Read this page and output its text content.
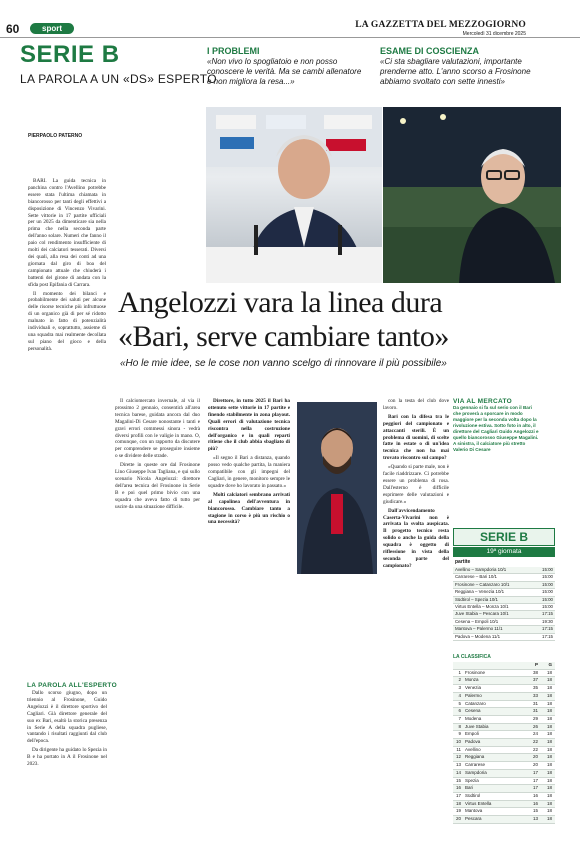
60	sport	LA GAZZETTA DEL MEZZOGIORNO
Mercoledì 31 dicembre 2025
SERIE B
LA PAROLA A UN «DS» ESPERTO
I PROBLEMI
«Non vivo lo spogliatoio e non posso conoscere le verità. Ma se cambi allenatore e non migliora la resa...»
ESAME DI COSCIENZA
«Ci sta sbagliare valutazioni, importante prenderne atto. L'anno scorso a Frosinone abbiamo svoltato con sette innesti»
PIERPAOLO PATERNO
Angelozzi vara la linea dura
«Bari, serve cambiare tanto»
«Ho le mie idee, se le cose non vanno scelgo di rinnovare il più possibile»

BARI. La guida tecnica in panchina contro l'Avellino potrebbe essere stata l'ultima chiamata in biancorosso per tanti degli effettivi a disposizione di Vincenzo Vivarini. Sette vittorie in 17 partite ufficiali per un 2025 da dimenticare sia nella prima che nella seconda parte dell'anno solare. Numeri che fanno il paio col rendimento insufficiente di molti dei calciatori tesserati. Diversi dei quali, alla resa dei conti ad una giornata dal giro di boa del campionato attuale che chiuderà i battenti del girone di andata con la sfida post Epifania di Carrara.

Il momento dei bilanci e probabilmente dei saluti per alcune delle risorse tecniche più infruttuose di un organico già di per sé ridotto malnato in fatto di potenzialità individuali e, soprattutto, assieme di una squadra mai realmente decollata sul piano del gioco e della personalità.

Il calciomercato invernale, al via il prossimo 2 gennaio, consentirà all'area tecnica barese, guidata ancora dal duo Magalini-Di Cesare nonostante i tanti e gravi errori commessi sinora - vedrà diversi profili con le valigie in mano. O, comunque, con un rapporto da discutere per comprendere se proseguire insieme o se dividere delle strade.

Dirette in queste ore dal Frosinone Lino Giuseppe Ivan Tagliana, e qui sullo scenario Nicola Angelozzi: direttore dell'area tecnica del Frosinone in Serie B e poi quel primo bivio con una squadra che aveva fatto di tutto per uscire da una situazione difficile.

Direttore, in tutto 2025 il Bari ha ottenuto sette vittorie in 17 partite e finendo stabilmente in zona playout. Quali errori di valutazione tecnica riscontra nella costruzione dell'organico e in quali reparti ritiene che il club abbia sbagliato di più?

«Il segno il Bari a distanza, quando posso vedo qualche partita, la maniera compatibile con gli impegni del Cagliari, in genere, monitoro sempre le squadre dove ho lavorato in passato.»

Molti calciatori sembrano arrivati al capolinea dell'avventura in biancorosso. Cambiare tanto a stagione in corso è più un rischio o una necessità?

con la testa del club dove lavoro.

Bari con la difesa tra le peggiori del campionato e attaccanti sterili. È un problema di uomini, di scelte fatte in estate o di un'idea tecnica che non ha mai trovato riscontro sul campo?

«Quando si parte male, non è facile riaddrizzare. Ci potrebbe essere un problema di rosa. Dall'esterno è difficile esprimere delle valutazioni e giudicare.»

Dall'avvicendamento Caserta-Vivarini non è arrivata la svolta auspicata. Il progetto tecnico resta solido o anche la guida della squadra è oggetto di riflessione in vista della seconda parte del campionato?

LA PAROLA ALL'ESPERTO

Dallo scorso giugno, dopo un triennio al Frosinone, Guido Angelozzi è il direttore sportivo del Cagliari. Già direttore generale del suo ex Bari, esaltò la storica presenza in Serie A della squadra pugliese, vantando i risultati raggiunti dal club dell'epoca.

Da dirigente ha guidato lo Spezia in B e ha portato in A il Frosinone nel 2023.

VIA AL MERCATO
Da gennaio si fa sul serio con il Bari che proverà a sporcare in modo maggiore per la seconda volta dopo la rivoluzione estiva. Sotto foto in alto, il direttore del Cagliari Guido Angelozzi e quello biancorosso Giuseppe Magalini. A sinistra, il calciatore più stretto Valerio Di Cesare
SERIE B
19ª giornata
partite
Avellino – Sampdoria 10/1	15:00
Carrarese – Bari 10/1	15:00
Frosinone – Catanzaro 10/1	15:00
Reggiana – Venezia 10/1	15:00
Südtirol – Spezia 10/1	15:00
Virtus Entella – Monza 10/1	15:00
Juve Stabia – Pescara 10/1	17:15
Cesena – Empoli 10/1	19:30
Mantova – Palermo 11/1	17:15
Padova – Modena 11/1	17:15
LA CLASSIFICA
P	G
1 Frosinone	38	18
2 Monza	37	18
3 Venezia	35	18
4 Palermo	33	18
5 Catanzaro	31	18
6 Cesena	31	18
7 Modena	29	18
8 Juve Stabia	26	18
9 Empoli	24	18
10 Padova	22	18
11 Avellino	22	18
12 Reggiana	20	18
13 Carrarese	20	18
14 Sampdoria	17	18
15 Spezia	17	18
16 Bari	17	18
17 Südtirol	16	18
18 Virtus Entella	16	18
19 Mantova	15	18
20 Pescara	13	18
